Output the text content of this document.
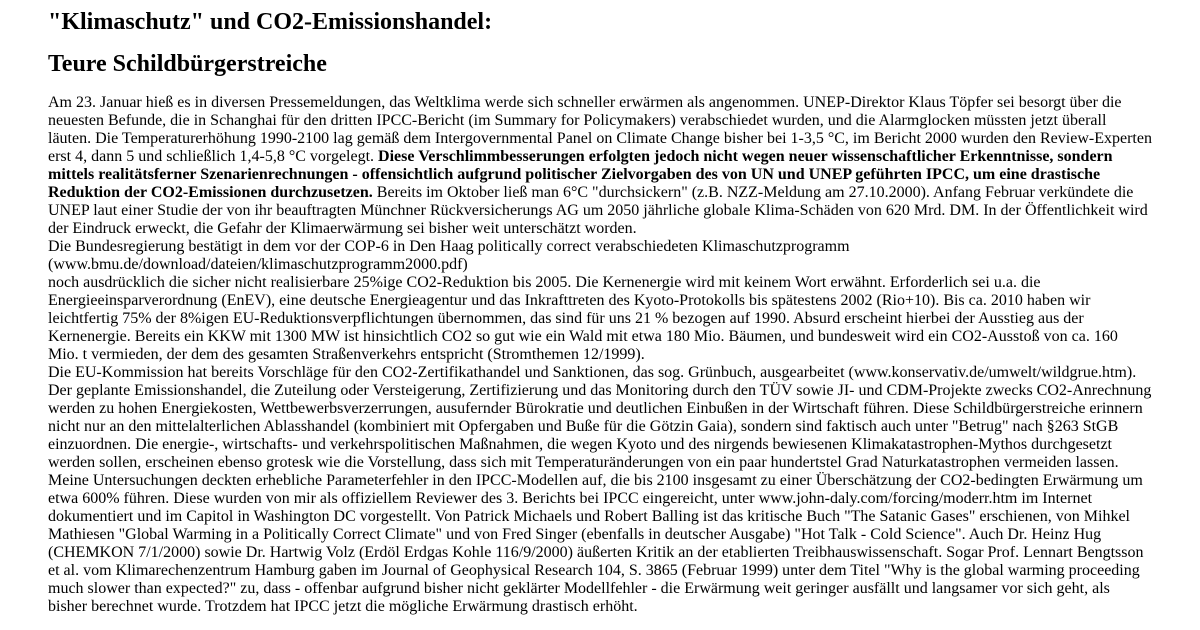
"Klimaschutz" und CO2-Emissionshandel:
Teure Schildbürgerstreiche

Am 23. Januar hieß es in diversen Pressemeldungen, das Weltklima werde sich schneller erwärmen als angenommen. UNEP-Direktor Klaus Töpfer sei besorgt über die neuesten Befunde, die in Schanghai für den dritten IPCC-Bericht (im Summary for Policymakers) verabschiedet wurden, und die Alarmglocken müssten jetzt überall läuten. Die Temperaturerhöhung 1990-2100 lag gemäß dem Intergovernmental Panel on Climate Change bisher bei 1-3,5 °C, im Bericht 2000 wurden den Review-Experten erst 4, dann 5 und schließlich 1,4-5,8 °C vorgelegt. Diese Verschlimmbesserungen erfolgten jedoch nicht wegen neuer wissenschaftlicher Erkenntnisse, sondern mittels realitätsferner Szenarienrechnungen - offensichtlich aufgrund politischer Zielvorgaben des von UN und UNEP geführten IPCC, um eine drastische Reduktion der CO2-Emissionen durchzusetzen. Bereits im Oktober ließ man 6°C "durchsickern" (z.B. NZZ-Meldung am 27.10.2000). Anfang Februar verkündete die UNEP laut einer Studie der von ihr beauftragten Münchner Rückversicherungs AG um 2050 jährliche globale Klima-Schäden von 620 Mrd. DM. In der Öffentlichkeit wird der Eindruck erweckt, die Gefahr der Klimaerwärmung sei bisher weit unterschätzt worden.

Die Bundesregierung bestätigt in dem vor der COP-6 in Den Haag politically correct verabschiedeten Klimaschutzprogramm (www.bmu.de/download/dateien/klimaschutzprogramm2000.pdf)

noch ausdrücklich die sicher nicht realisierbare 25%ige CO2-Reduktion bis 2005. Die Kernenergie wird mit keinem Wort erwähnt. Erforderlich sei u.a. die Energieeinsparverordnung (EnEV), eine deutsche Energieagentur und das Inkrafttreten des Kyoto-Protokolls bis spätestens 2002 (Rio+10). Bis ca. 2010 haben wir leichtfertig 75% der 8%igen EU-Reduktionsverpflichtungen übernommen, das sind für uns 21 % bezogen auf 1990. Absurd erscheint hierbei der Ausstieg aus der Kernenergie. Bereits ein KKW mit 1300 MW ist hinsichtlich CO2 so gut wie ein Wald mit etwa 180 Mio. Bäumen, und bundesweit wird ein CO2-Ausstoß von ca. 160 Mio. t vermieden, der dem des gesamten Straßenverkehrs entspricht (Stromthemen 12/1999).

Die EU-Kommission hat bereits Vorschläge für den CO2-Zertifikathandel und Sanktionen, das sog. Grünbuch, ausgearbeitet (www.konservativ.de/umwelt/wildgrue.htm). Der geplante Emissionshandel, die Zuteilung oder Versteigerung, Zertifizierung und das Monitoring durch den TÜV sowie JI- und CDM-Projekte zwecks CO2-Anrechnung werden zu hohen Energiekosten, Wettbewerbsverzerrungen, ausufernder Bürokratie und deutlichen Einbußen in der Wirtschaft führen. Diese Schildbürgerstreiche erinnern nicht nur an den mittelalterlichen Ablasshandel (kombiniert mit Opfergaben und Buße für die Götzin Gaia), sondern sind faktisch auch unter "Betrug" nach §263 StGB einzuordnen. Die energie-, wirtschafts- und verkehrspolitischen Maßnahmen, die wegen Kyoto und des nirgends bewiesenen Klimakatastrophen-Mythos durchgesetzt werden sollen, erscheinen ebenso grotesk wie die Vorstellung, dass sich mit Temperaturänderungen von ein paar hundertstel Grad Naturkatastrophen vermeiden lassen.

Meine Untersuchungen deckten erhebliche Parameterfehler in den IPCC-Modellen auf, die bis 2100 insgesamt zu einer Überschätzung der CO2-bedingten Erwärmung um etwa 600% führen. Diese wurden von mir als offiziellem Reviewer des 3. Berichts bei IPCC eingereicht, unter www.john-daly.com/forcing/moderr.htm im Internet dokumentiert und im Capitol in Washington DC vorgestellt. Von Patrick Michaels und Robert Balling ist das kritische Buch "The Satanic Gases" erschienen, von Mihkel Mathiesen "Global Warming in a Politically Correct Climate" und von Fred Singer (ebenfalls in deutscher Ausgabe) "Hot Talk - Cold Science". Auch Dr. Heinz Hug (CHEMKON 7/1/2000) sowie Dr. Hartwig Volz (Erdöl Erdgas Kohle 116/9/2000) äußerten Kritik an der etablierten Treibhauswissenschaft. Sogar Prof. Lennart Bengtsson et al. vom Klimarechenzentrum Hamburg gaben im Journal of Geophysical Research 104, S. 3865 (Februar 1999) unter dem Titel "Why is the global warming proceeding much slower than expected?" zu, dass - offenbar aufgrund bisher nicht geklärter Modellfehler - die Erwärmung weit geringer ausfällt und langsamer vor sich geht, als bisher berechnet wurde. Trotzdem hat IPCC jetzt die mögliche Erwärmung drastisch erhöht.
